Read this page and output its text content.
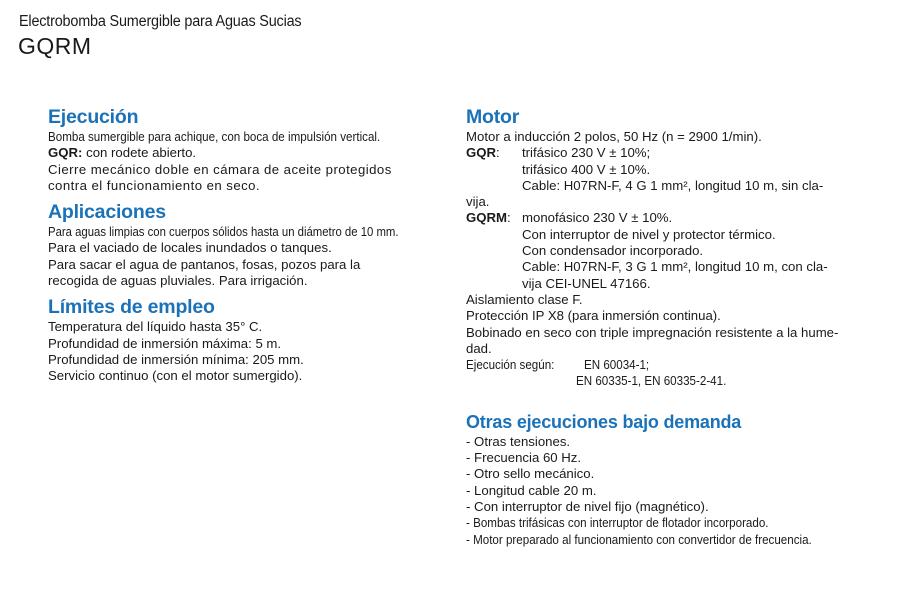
Electrobomba Sumergible para Aguas Sucias
GQRM
Ejecución
Bomba sumergible para achique, con boca de impulsión vertical.
GQR: con rodete abierto.
Cierre mecánico doble en cámara de aceite protegidos
contra el funcionamiento en seco.
Aplicaciones
Para aguas limpias con cuerpos sólidos hasta un diámetro de 10 mm.
Para el vaciado de locales inundados o tanques.
Para sacar el agua de pantanos, fosas, pozos para la
recogida de aguas pluviales. Para irrigación.
Límites de empleo
Temperatura del líquido hasta 35° C.
Profundidad de inmersión máxima: 5 m.
Profundidad de inmersión mínima: 205 mm.
Servicio continuo (con el motor sumergido).
Motor
Motor a inducción 2 polos, 50 Hz (n = 2900 1/min).
GQR: trifásico 230 V ± 10%;
trifásico 400 V ± 10%.
Cable: H07RN-F, 4 G 1 mm², longitud 10 m, sin cla-
vija.
GQRM: monofásico 230 V ± 10%.
Con interruptor de nivel y protector térmico.
Con condensador incorporado.
Cable: H07RN-F, 3 G 1 mm², longitud 10 m, con cla-
vija CEI-UNEL 47166.
Aislamiento clase F.
Protección IP X8 (para inmersión continua).
Bobinado en seco con triple impregnación resistente a la hume-
dad.
Ejecución según: EN 60034-1;
EN 60335-1, EN 60335-2-41.
Otras ejecuciones bajo demanda
- Otras tensiones.
- Frecuencia 60 Hz.
- Otro sello mecánico.
- Longitud cable 20 m.
- Con interruptor de nivel fijo (magnético).
- Bombas trifásicas con interruptor de flotador incorporado.
- Motor preparado al funcionamiento con convertidor de frecuencia.
